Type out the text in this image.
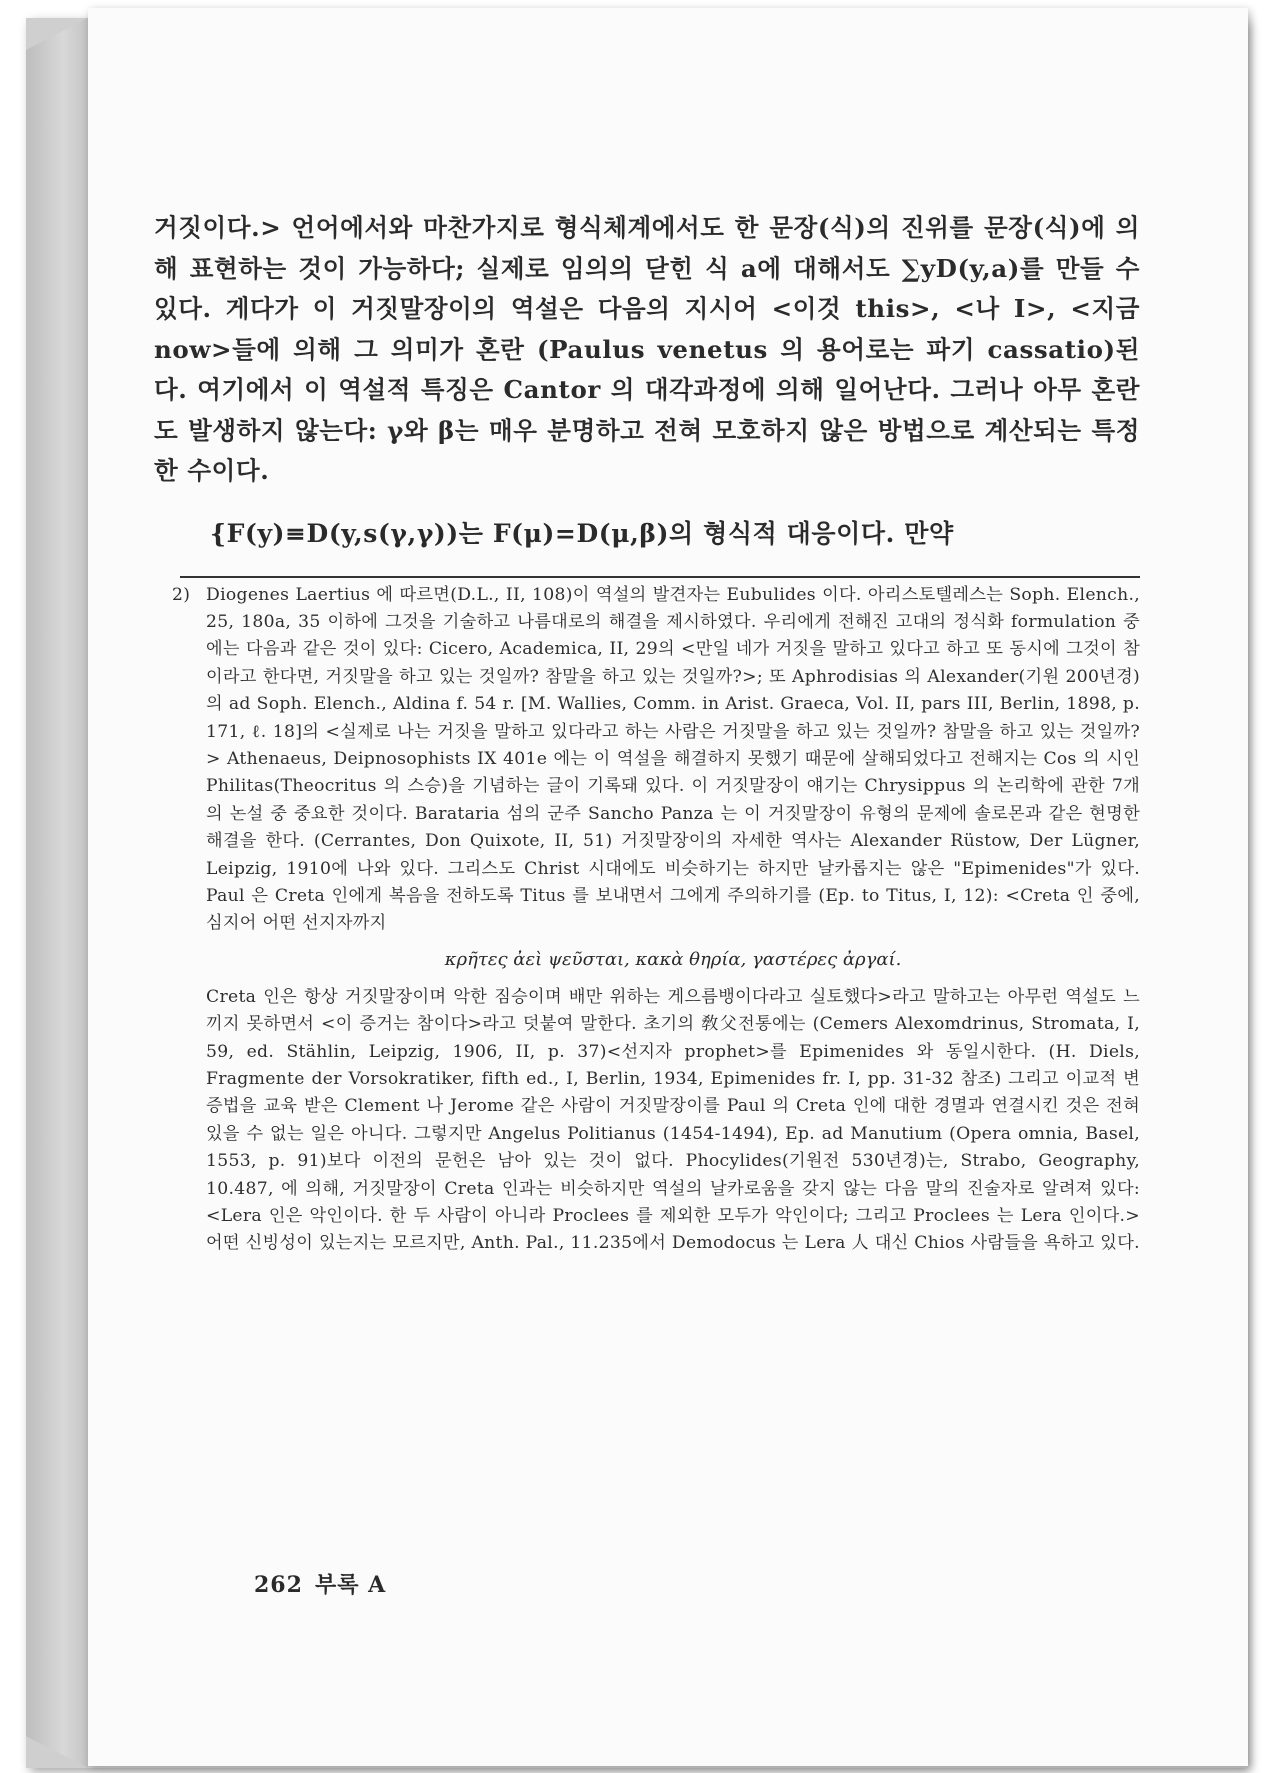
거짓이다.> 언어에서와 마찬가지로 형식체계에서도 한 문장(식)의 진위를 문장(식)에 의해 표현하는 것이 가능하다; 실제로 임의의 닫힌 식 a에 대해서도 ∑yD(y,a)를 만들 수 있다. 게다가 이 거짓말장이의 역설은 다음의 지시어 <이것 this>, <나 I>, <지금 now>들에 의해 그 의미가 혼란 (Paulus venetus 의 용어로는 파기 cassatio)된다. 여기에서 이 역설적 특징은 Cantor 의 대각과정에 의해 일어난다. 그러나 아무 혼란도 발생하지 않는다: γ와 β는 매우 분명하고 전혀 모호하지 않은 방법으로 계산되는 특정한 수이다.

{F(y)≡D(y,s(γ,γ))는 F(μ)=D(μ,β)의 형식적 대응이다. 만약

2) Diogenes Laertius 에 따르면(D.L., II, 108)이 역설의 발견자는 Eubulides 이다. 아리스토텔레스는 Soph. Elench., 25, 180a, 35 이하에 그것을 기술하고 나름대로의 해결을 제시하였다. 우리에게 전해진 고대의 정식화 formulation 중에는 다음과 같은 것이 있다: Cicero, Academica, II, 29의 <만일 네가 거짓을 말하고 있다고 하고 또 동시에 그것이 참이라고 한다면, 거짓말을 하고 있는 것일까? 참말을 하고 있는 것일까?>; 또 Aphrodisias 의 Alexander(기원 200년경)의 ad Soph. Elench., Aldina f. 54 r. [M. Wallies, Comm. in Arist. Graeca, Vol. II, pars III, Berlin, 1898, p. 171, ℓ. 18]의 <실제로 나는 거짓을 말하고 있다라고 하는 사람은 거짓말을 하고 있는 것일까? 참말을 하고 있는 것일까?> Athenaeus, Deipnosophists IX 401e 에는 이 역설을 해결하지 못했기 때문에 살해되었다고 전해지는 Cos 의 시인 Philitas(Theocritus 의 스승)을 기념하는 글이 기록돼 있다. 이 거짓말장이 얘기는 Chrysippus 의 논리학에 관한 7개의 논설 중 중요한 것이다. Barataria 섬의 군주 Sancho Panza 는 이 거짓말장이 유형의 문제에 솔로몬과 같은 현명한 해결을 한다. (Cerrantes, Don Quixote, II, 51) 거짓말장이의 자세한 역사는 Alexander Rüstow, Der Lügner, Leipzig, 1910에 나와 있다. 그리스도 Christ 시대에도 비슷하기는 하지만 날카롭지는 않은 "Epimenides"가 있다. Paul 은 Creta 인에게 복음을 전하도록 Titus 를 보내면서 그에게 주의하기를 (Ep. to Titus, I, 12): <Creta 인 중에, 심지어 어떤 선지자까지

κρῆτες ἀεὶ ψεῦσται, κακὰ θηρία, γαστέρες ἀργαί.

Creta 인은 항상 거짓말장이며 악한 짐승이며 배만 위하는 게으름뱅이다라고 실토했다>라고 말하고는 아무런 역설도 느끼지 못하면서 <이 증거는 참이다>라고 덧붙여 말한다. 초기의 敎父전통에는 (Cemers Alexomdrinus, Stromata, I, 59, ed. Stählin, Leipzig, 1906, II, p. 37)<선지자 prophet>를 Epimenides 와 동일시한다. (H. Diels, Fragmente der Vorsokratiker, fifth ed., I, Berlin, 1934, Epimenides fr. I, pp. 31-32 참조) 그리고 이교적 변증법을 교육 받은 Clement 나 Jerome 같은 사람이 거짓말장이를 Paul 의 Creta 인에 대한 경멸과 연결시킨 것은 전혀 있을 수 없는 일은 아니다. 그렇지만 Angelus Politianus (1454-1494), Ep. ad Manutium (Opera omnia, Basel, 1553, p. 91)보다 이전의 문헌은 남아 있는 것이 없다. Phocylides(기원전 530년경)는, Strabo, Geography, 10.487, 에 의해, 거짓말장이 Creta 인과는 비슷하지만 역설의 날카로움을 갖지 않는 다음 말의 진술자로 알려져 있다: <Lera 인은 악인이다. 한 두 사람이 아니라 Proclees 를 제외한 모두가 악인이다; 그리고 Proclees 는 Lera 인이다.> 어떤 신빙성이 있는지는 모르지만, Anth. Pal., 11.235에서 Demodocus 는 Lera 人 대신 Chios 사람들을 욕하고 있다.

262 부록 A
